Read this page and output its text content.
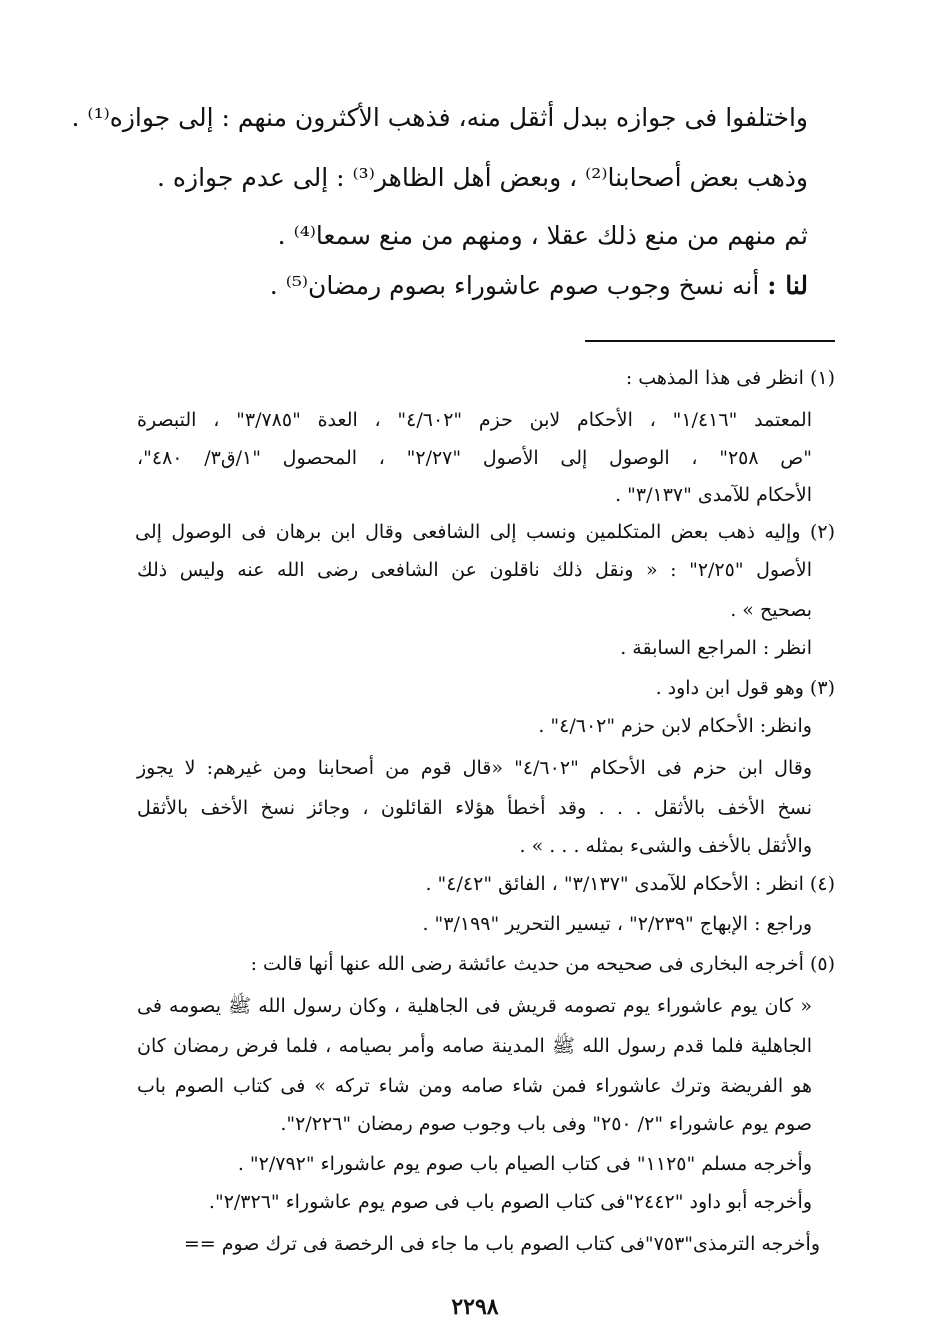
واختلفوا فى جوازه ببدل أثقل منه، فذهب الأكثرون منهم : إلى جوازه⁽¹⁾ .
وذهب بعض أصحابنا⁽²⁾ ، وبعض أهل الظاهر⁽³⁾ : إلى عدم جوازه .
ثم منهم من منع ذلك عقلا ، ومنهم من منع سمعا⁽⁴⁾ .
لنا : أنه نسخ وجوب صوم عاشوراء بصوم رمضان⁽⁵⁾ .
(١) انظر فى هذا المذهب :
المعتمد "١/٤١٦" ، الأحكام لابن حزم "٤/٦٠٢" ، العدة "٣/٧٨٥" ، التبصرة
"ص ٢٥٨" ، الوصول إلى الأصول "٢/٢٧" ، المحصول "١/ق٣/ ٤٨٠"،
الأحكام للآمدى "٣/١٣٧" .
(٢) وإليه ذهب بعض المتكلمين ونسب إلى الشافعى وقال ابن برهان فى الوصول إلى
الأصول "٢/٢٥" : « ونقل ذلك ناقلون عن الشافعى رضى الله عنه وليس ذلك
بصحيح » .
انظر : المراجع السابقة .
(٣) وهو قول ابن داود .
وانظر: الأحكام لابن حزم "٤/٦٠٢" .
وقال ابن حزم فى الأحكام "٤/٦٠٢" «قال قوم من أصحابنا ومن غيرهم: لا يجوز
نسخ الأخف بالأثقل . . . وقد أخطأ هؤلاء القائلون ، وجائز نسخ الأخف بالأثقل
والأثقل بالأخف والشىء بمثله . . . » .
(٤) انظر : الأحكام للآمدى "٣/١٣٧" ، الفائق "٤/٤٢" .
وراجع : الإبهاج "٢/٢٣٩" ، تيسير التحرير "٣/١٩٩" .
(٥) أخرجه البخارى فى صحيحه من حديث عائشة رضى الله عنها أنها قالت :
« كان يوم عاشوراء يوم تصومه قريش فى الجاهلية ، وكان رسول الله ﷺ يصومه فى
الجاهلية فلما قدم رسول الله ﷺ المدينة صامه وأمر بصيامه ، فلما فرض رمضان كان
هو الفريضة وترك عاشوراء فمن شاء صامه ومن شاء تركه » فى كتاب الصوم باب
صوم يوم عاشوراء "٢/ ٢٥٠" وفى باب وجوب صوم رمضان "٢/٢٢٦".
وأخرجه مسلم "١١٢٥" فى كتاب الصيام باب صوم يوم عاشوراء "٢/٧٩٢" .
وأخرجه أبو داود "٢٤٤٢"فى كتاب الصوم باب فى صوم يوم عاشوراء "٢/٣٢٦".
وأخرجه الترمذى"٧٥٣"فى كتاب الصوم باب ما جاء فى الرخصة فى ترك صوم ==
٢٢٩٨
